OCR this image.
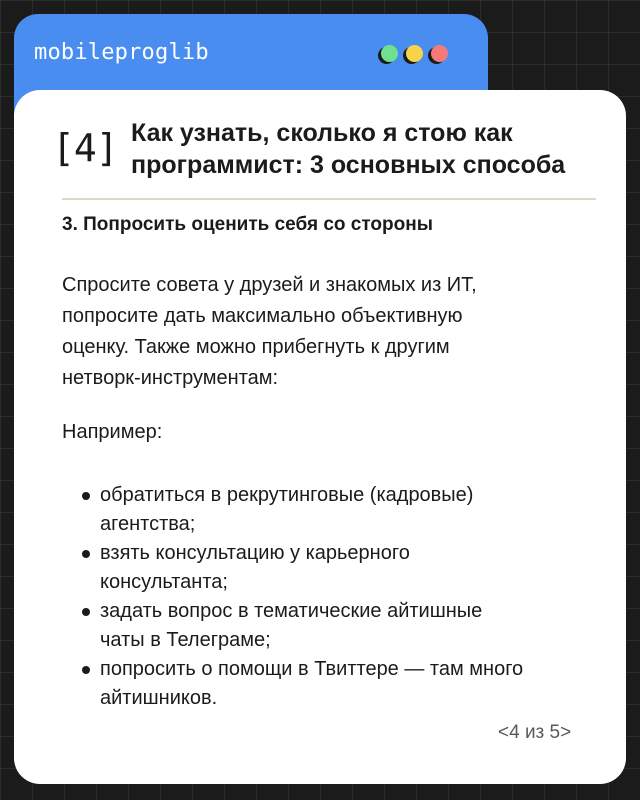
mobileproglib
[4] Как узнать, сколько я стою как
программист: 3 основных способа
3. Попросить оценить себя со стороны
Спросите совета у друзей и знакомых из ИТ,
попросите дать максимально объективную
оценку. Также можно прибегнуть к другим
нетворк-инструментам:
Например:
обратиться в рекрутинговые (кадровые)
агентства;
взять консультацию у карьерного
консультанта;
задать вопрос в тематические айтишные
чаты в Телеграме;
попросить о помощи в Твиттере — там много
айтишников.
<4 из 5>
